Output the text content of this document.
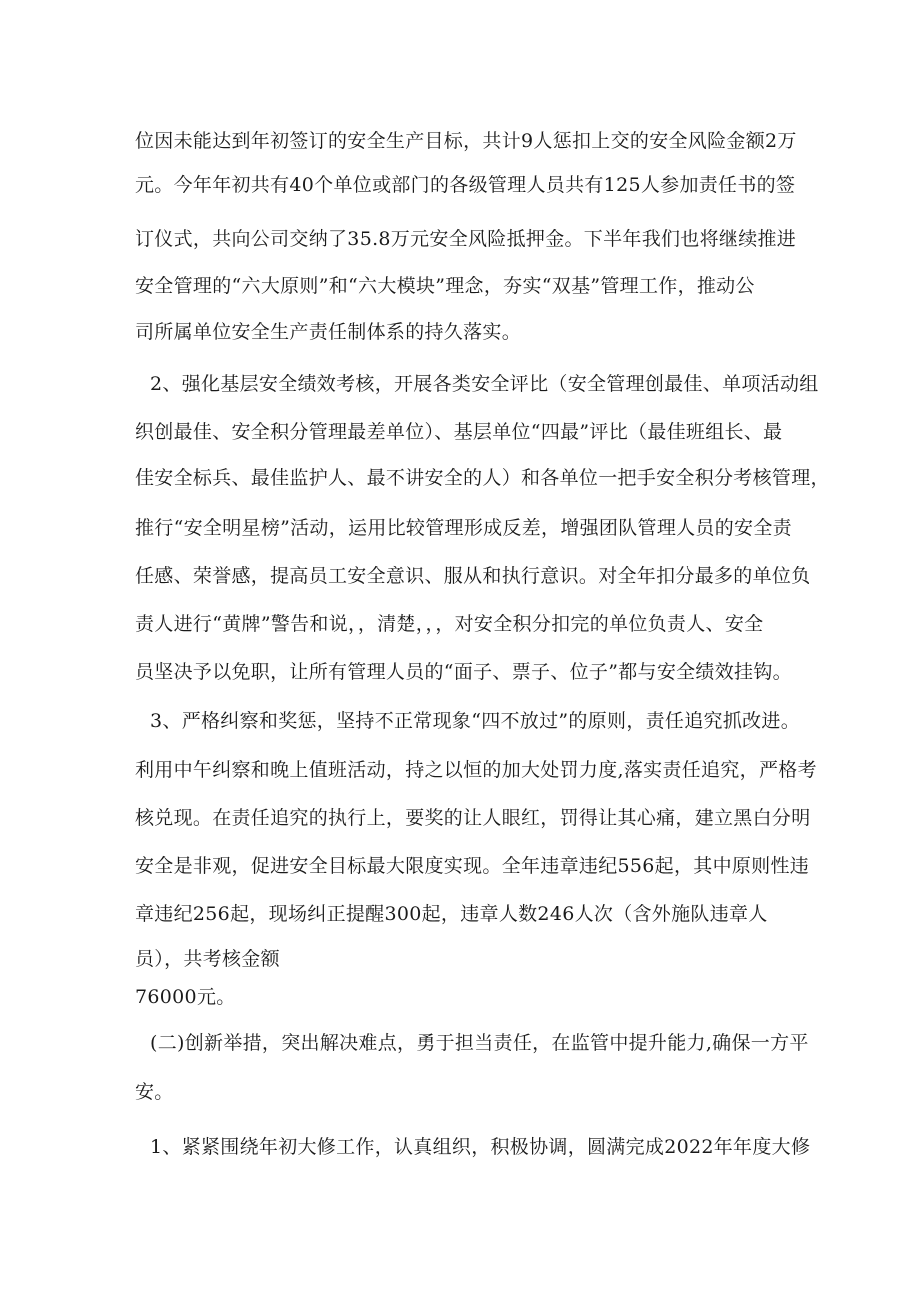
位因未能达到年初签订的安全生产目标，共计9人惩扣上交的安全风险金额2万
元。今年年初共有40个单位或部门的各级管理人员共有125人参加责任书的签
订仪式，共向公司交纳了35.8万元安全风险抵押金。下半年我们也将继续推进
安全管理的“六大原则”和“六大模块”理念，夯实“双基”管理工作，推动公
司所属单位安全生产责任制体系的持久落实。
2、强化基层安全绩效考核，开展各类安全评比（安全管理创最佳、单项活动组
织创最佳、安全积分管理最差单位）、基层单位“四最”评比（最佳班组长、最
佳安全标兵、最佳监护人、最不讲安全的人）和各单位一把手安全积分考核管理，
推行“安全明星榜”活动，运用比较管理形成反差，增强团队管理人员的安全责
任感、荣誉感，提高员工安全意识、服从和执行意识。对全年扣分最多的单位负
责人进行“黄牌”警告和说，，清楚，，，对安全积分扣完的单位负责人、安全
员坚决予以免职，让所有管理人员的“面子、票子、位子”都与安全绩效挂钩。
3、严格纠察和奖惩，坚持不正常现象“四不放过”的原则，责任追究抓改进。
利用中午纠察和晚上值班活动，持之以恒的加大处罚力度,落实责任追究，严格考
核兑现。在责任追究的执行上，要奖的让人眼红，罚得让其心痛，建立黑白分明
安全是非观，促进安全目标最大限度实现。全年违章违纪556起，其中原则性违
章违纪256起，现场纠正提醒300起，违章人数246人次（含外施队违章人
员），共考核金额
76000元。
(二)创新举措，突出解决难点，勇于担当责任，在监管中提升能力,确保一方平
安。
1、紧紧围绕年初大修工作，认真组织，积极协调，圆满完成2022年年度大修
